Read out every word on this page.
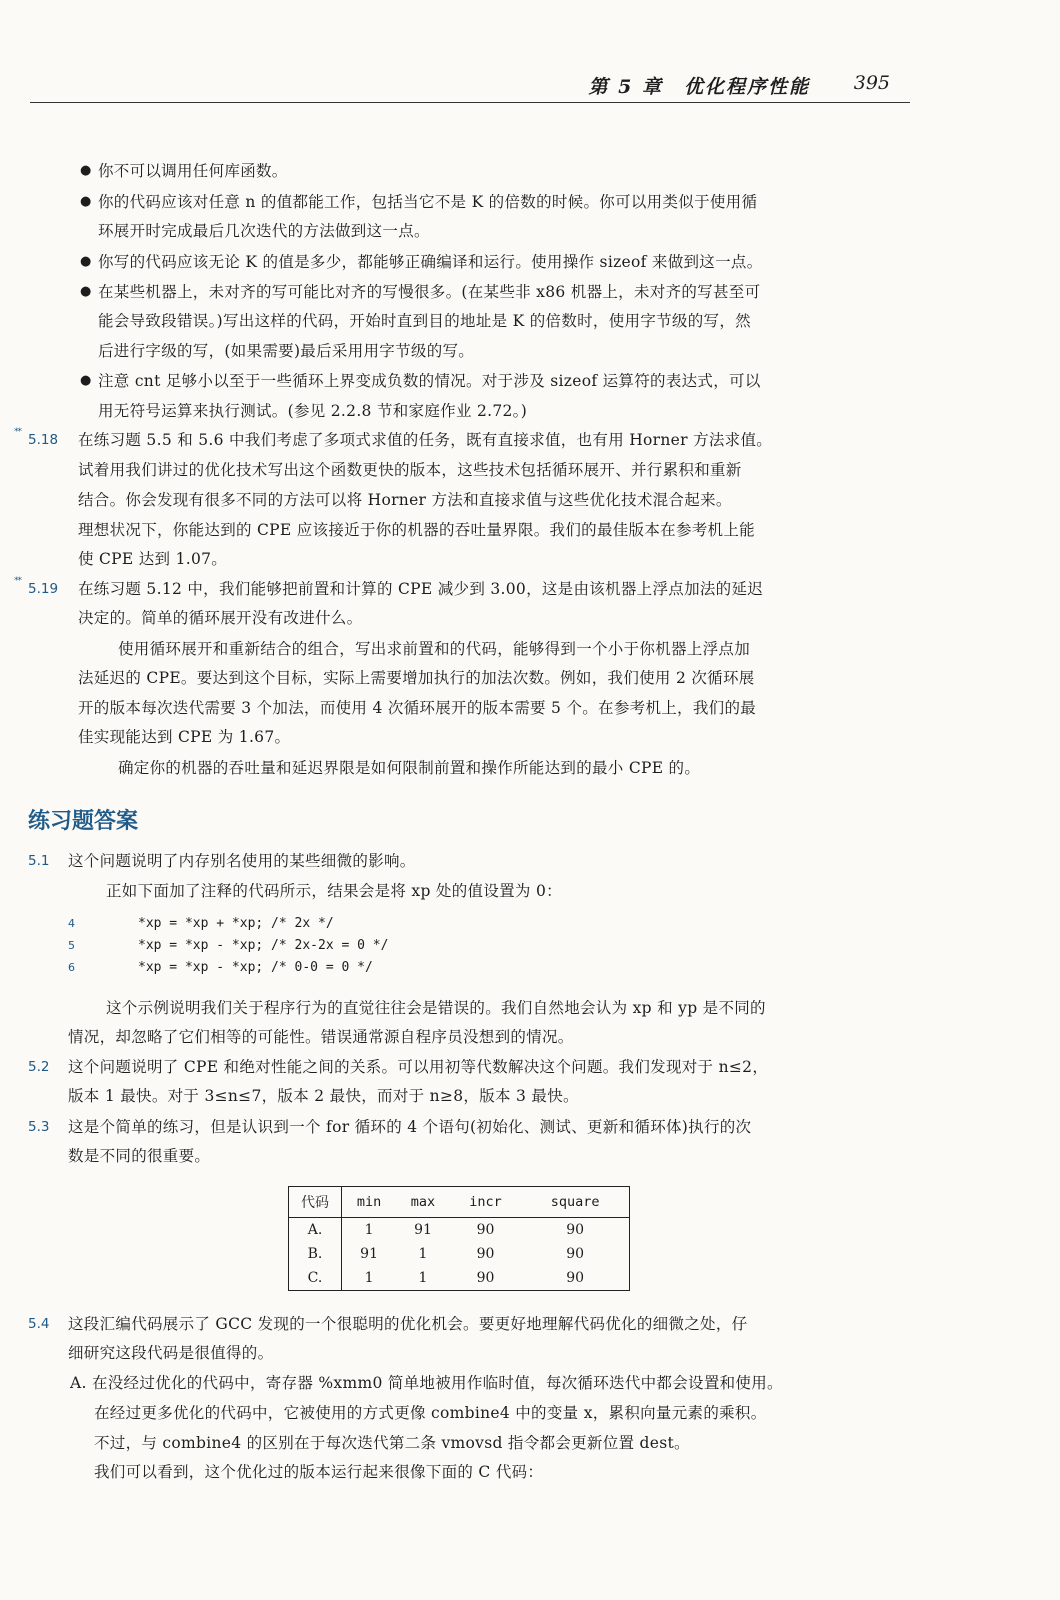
第 5 章　优化程序性能 395
● 你不可以调用任何库函数。
● 你的代码应该对任意 n 的值都能工作，包括当它不是 K 的倍数的时候。你可以用类似于使用循
环展开时完成最后几次迭代的方法做到这一点。
● 你写的代码应该无论 K 的值是多少，都能够正确编译和运行。使用操作 sizeof 来做到这一点。
● 在某些机器上，未对齐的写可能比对齐的写慢很多。(在某些非 x86 机器上，未对齐的写甚至可
能会导致段错误。)写出这样的代码，开始时直到目的地址是 K 的倍数时，使用字节级的写，然
后进行字级的写，(如果需要)最后采用用字节级的写。
● 注意 cnt 足够小以至于一些循环上界变成负数的情况。对于涉及 sizeof 运算符的表达式，可以
用无符号运算来执行测试。(参见 2.2.8 节和家庭作业 2.72。)
** 5.18 在练习题 5.5 和 5.6 中我们考虑了多项式求值的任务，既有直接求值，也有用 Horner 方法求值。
试着用我们讲过的优化技术写出这个函数更快的版本，这些技术包括循环展开、并行累积和重新
结合。你会发现有很多不同的方法可以将 Horner 方法和直接求值与这些优化技术混合起来。
理想状况下，你能达到的 CPE 应该接近于你的机器的吞吐量界限。我们的最佳版本在参考机上能
使 CPE 达到 1.07。
** 5.19 在练习题 5.12 中，我们能够把前置和计算的 CPE 减少到 3.00，这是由该机器上浮点加法的延迟
决定的。简单的循环展开没有改进什么。
使用循环展开和重新结合的组合，写出求前置和的代码，能够得到一个小于你机器上浮点加
法延迟的 CPE。要达到这个目标，实际上需要增加执行的加法次数。例如，我们使用 2 次循环展
开的版本每次迭代需要 3 个加法，而使用 4 次循环展开的版本需要 5 个。在参考机上，我们的最
佳实现能达到 CPE 为 1.67。
确定你的机器的吞吐量和延迟界限是如何限制前置和操作所能达到的最小 CPE 的。
练习题答案
5.1 这个问题说明了内存别名使用的某些细微的影响。
正如下面加了注释的代码所示，结果会是将 xp 处的值设置为 0：
4	*xp = *xp + *xp; /* 2x */
5	*xp = *xp - *xp; /* 2x-2x = 0 */
6	*xp = *xp - *xp; /* 0-0 = 0 */
这个示例说明我们关于程序行为的直觉往往会是错误的。我们自然地会认为 xp 和 yp 是不同的
情况，却忽略了它们相等的可能性。错误通常源自程序员没想到的情况。
5.2 这个问题说明了 CPE 和绝对性能之间的关系。可以用初等代数解决这个问题。我们发现对于 n≤2，
版本 1 最快。对于 3≤n≤7，版本 2 最快，而对于 n≥8，版本 3 最快。
5.3 这是个简单的练习，但是认识到一个 for 循环的 4 个语句(初始化、测试、更新和循环体)执行的次
数是不同的很重要。
代码	min	max	incr	square
A.	1	91	90	90
B.	91	1	90	90
C.	1	1	90	90
5.4 这段汇编代码展示了 GCC 发现的一个很聪明的优化机会。要更好地理解代码优化的细微之处，仔
细研究这段代码是很值得的。
A. 在没经过优化的代码中，寄存器 %xmm0 简单地被用作临时值，每次循环迭代中都会设置和使用。
在经过更多优化的代码中，它被使用的方式更像 combine4 中的变量 x，累积向量元素的乘积。
不过，与 combine4 的区别在于每次迭代第二条 vmovsd 指令都会更新位置 dest。
我们可以看到，这个优化过的版本运行起来很像下面的 C 代码：
